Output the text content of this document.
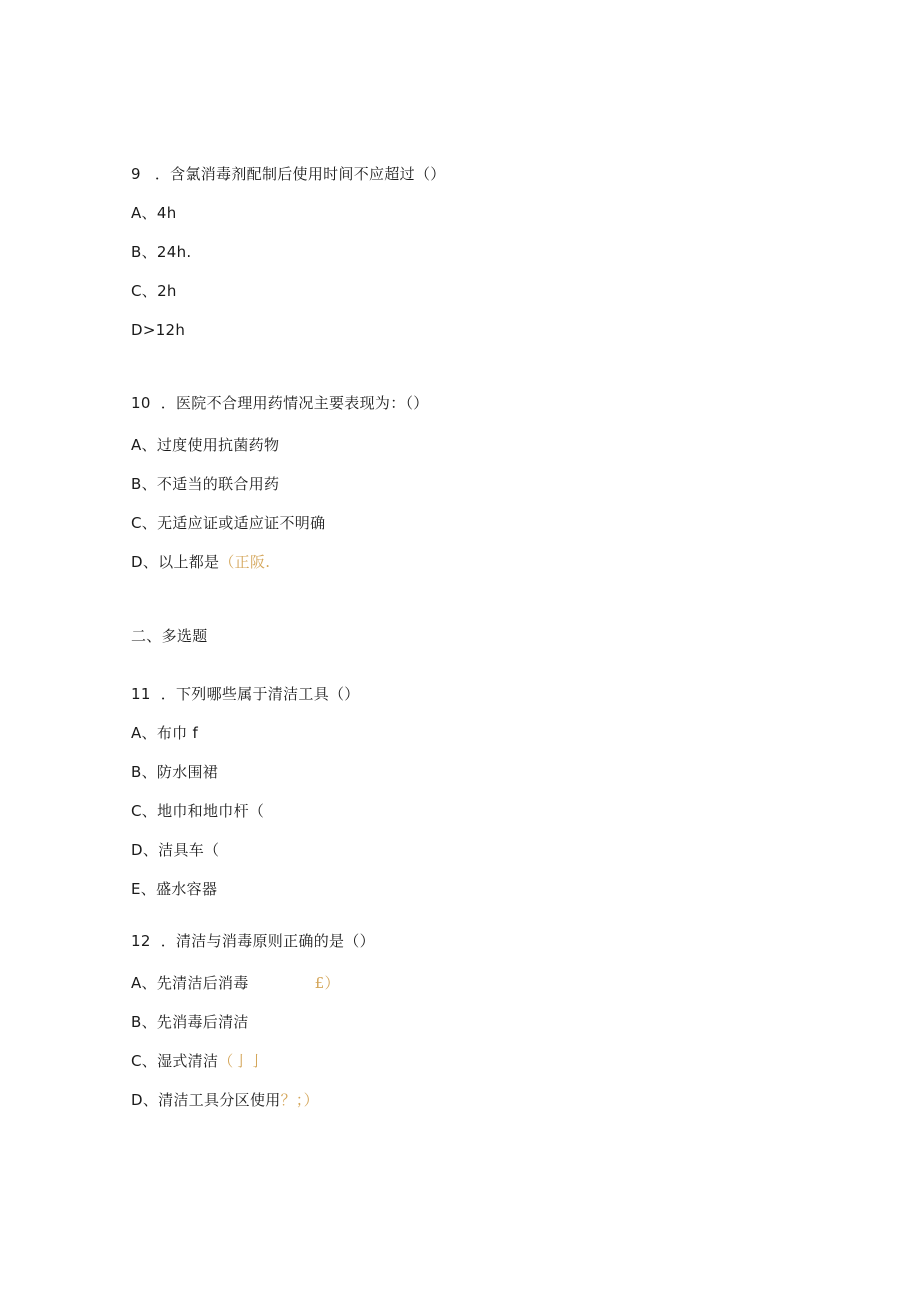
9 ．含氯消毒剂配制后使用时间不应超过（）
A、4h
B、24h.
C、2h
D>12h
10 ．医院不合理用药情况主要表现为：（）
A、过度使用抗菌药物
B、不适当的联合用药
C、无适应证或适应证不明确
D、以上都是（正阪.
二、多选题
11 ．下列哪些属于清洁工具（）
A、布巾 f
B、防水围裙
C、地巾和地巾杆（
D、洁具车（
E、盛水容器
12 ．清洁与消毒原则正确的是（）
A、先清洁后消毒	£）
B、先消毒后清洁
C、湿式清洁（亅亅
D、清洁工具分区使用？；）
